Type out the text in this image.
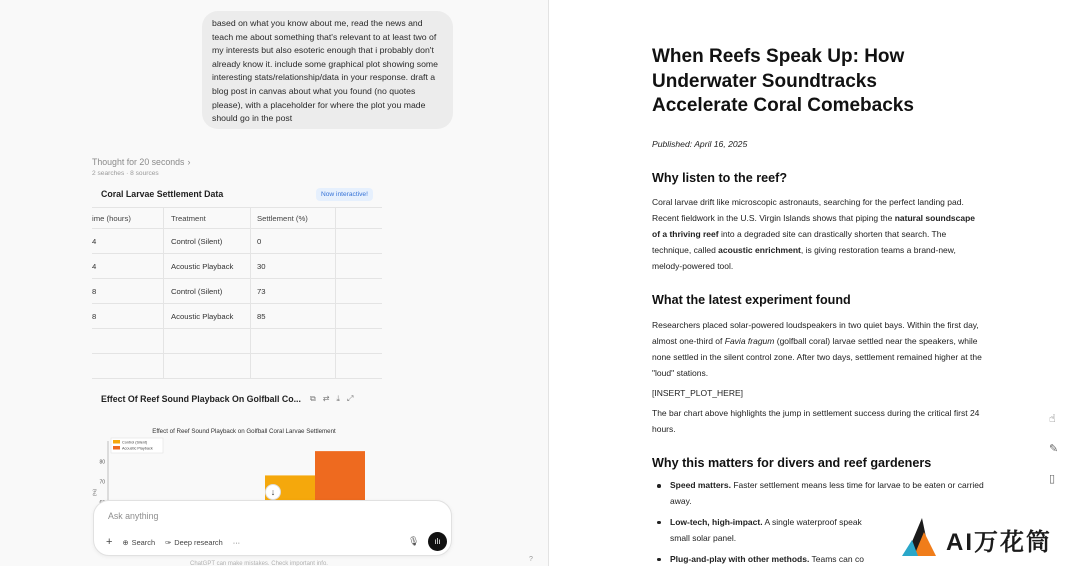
based on what you know about me, read the news and teach me about something that's relevant to at least two of my interests but also esoteric enough that i probably don't already know it. include some graphical plot showing some interesting stats/relationship/data in your response. draft a blog post in canvas about what you found (no quotes please), with a placeholder for where the plot you made should go in the post
Thought for 20 seconds ›
2 searches · 8 sources
Coral Larvae Settlement Data	Now interactive!
ime (hours)	Treatment	Settlement (%)
4	Control (Silent)	0
4	Acoustic Playback	30
8	Control (Silent)	73
8	Acoustic Playback	85
Effect Of Reef Sound Playback On Golfball Co... ⧉ ⇄ ⤓ ⤢
Effect of Reef Sound Playback on Golfball Coral Larvae Settlement
80
70
(%)
Control (Silent)
Acoustic Playback
↓
Ask anything
+ ⊕ Search ✑ Deep research ···	🎙︎ ılı
ChatGPT can make mistakes. Check important info.
?
When Reefs Speak Up: How Underwater Soundtracks Accelerate Coral Comebacks
Published: April 16, 2025
Why listen to the reef?

Coral larvae drift like microscopic astronauts, searching for the perfect landing pad. Recent fieldwork in the U.S. Virgin Islands shows that piping the natural soundscape of a thriving reef into a degraded site can drastically shorten that search. The technique, called acoustic enrichment, is giving restoration teams a brand-new, melody-powered tool.

What the latest experiment found

Researchers placed solar-powered loudspeakers in two quiet bays. Within the first day, almost one-third of Favia fragum (golfball coral) larvae settled near the speakers, while none settled in the silent control zone. After two days, settlement remained higher at the "loud" stations.

[INSERT_PLOT_HERE]

The bar chart above highlights the jump in settlement success during the critical first 24 hours.

Why this matters for divers and reef gardeners
Speed matters. Faster settlement means less time for larvae to be eaten or carried away.
Low-tech, high-impact. A single waterproof speak
small solar panel.
Plug-and-play with other methods. Teams can co
☝
✎
▯
AI万花筒
